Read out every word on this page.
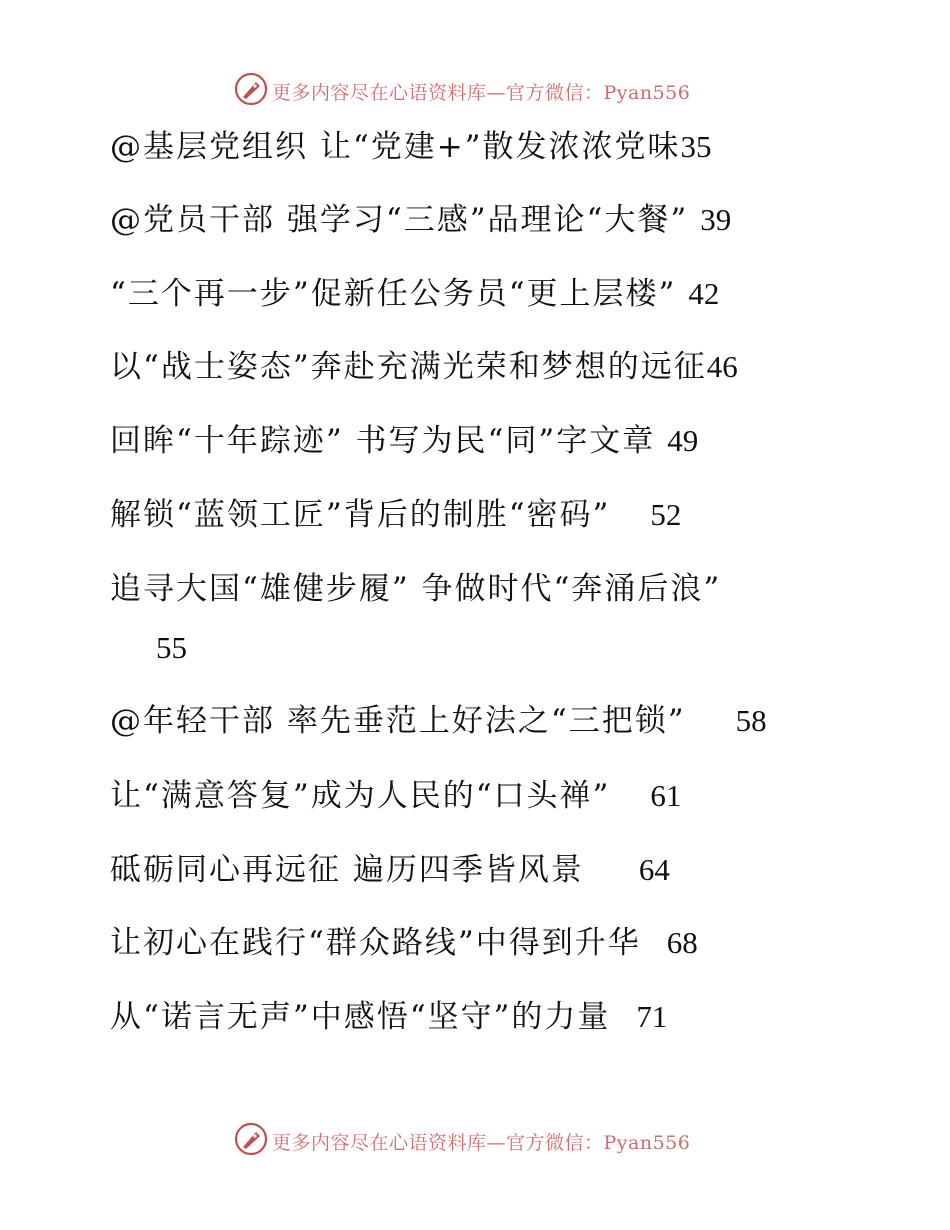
更多内容尽在心语资料库—官方微信：Pyan556
@基层党组织 让“党建+”散发浓浓党味35
@党员干部 强学习“三感”品理论“大餐” 39
“三个再一步”促新任公务员“更上层楼” 42
以“战士姿态”奔赴充满光荣和梦想的远征46
回眸“十年踪迹” 书写为民“同”字文章 49
解锁“蓝领工匠”背后的制胜“密码” 52
追寻大国“雄健步履” 争做时代“奔涌后浪”
55
@年轻干部 率先垂范上好法之“三把锁” 58
让“满意答复”成为人民的“口头禅” 61
砥砺同心再远征 遍历四季皆风景 64
让初心在践行“群众路线”中得到升华 68
从“诺言无声”中感悟“坚守”的力量 71
更多内容尽在心语资料库—官方微信：Pyan556
